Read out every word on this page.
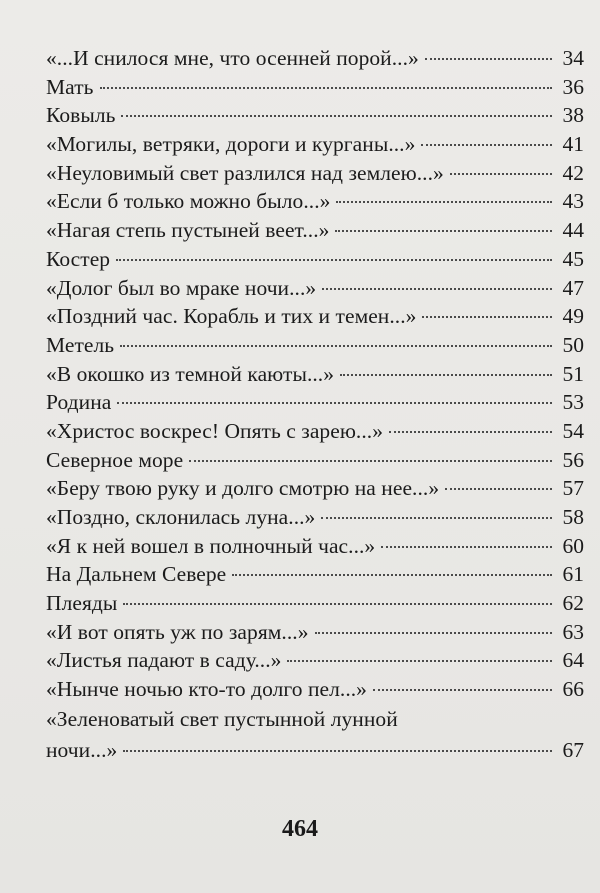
«...И снилося мне, что осенней порой...»	34
Мать	36
Ковыль	38
«Могилы, ветряки, дороги и курганы...»	41
«Неуловимый свет разлился над землею...»	42
«Если б только можно было...»	43
«Нагая степь пустыней веет...»	44
Костер	45
«Долог был во мраке ночи...»	47
«Поздний час. Корабль и тих и темен...»	49
Метель	50
«В окошко из темной каюты...»	51
Родина	53
«Христос воскрес! Опять с зарею...»	54
Северное море	56
«Беру твою руку и долго смотрю на нее...»	57
«Поздно, склонилась луна...»	58
«Я к ней вошел в полночный час...»	60
На Дальнем Севере	61
Плеяды	62
«И вот опять уж по зарям...»	63
«Листья падают в саду...»	64
«Нынче ночью кто-то долго пел...»	66
«Зеленоватый свет пустынной лунной
ночи...»	67
464
